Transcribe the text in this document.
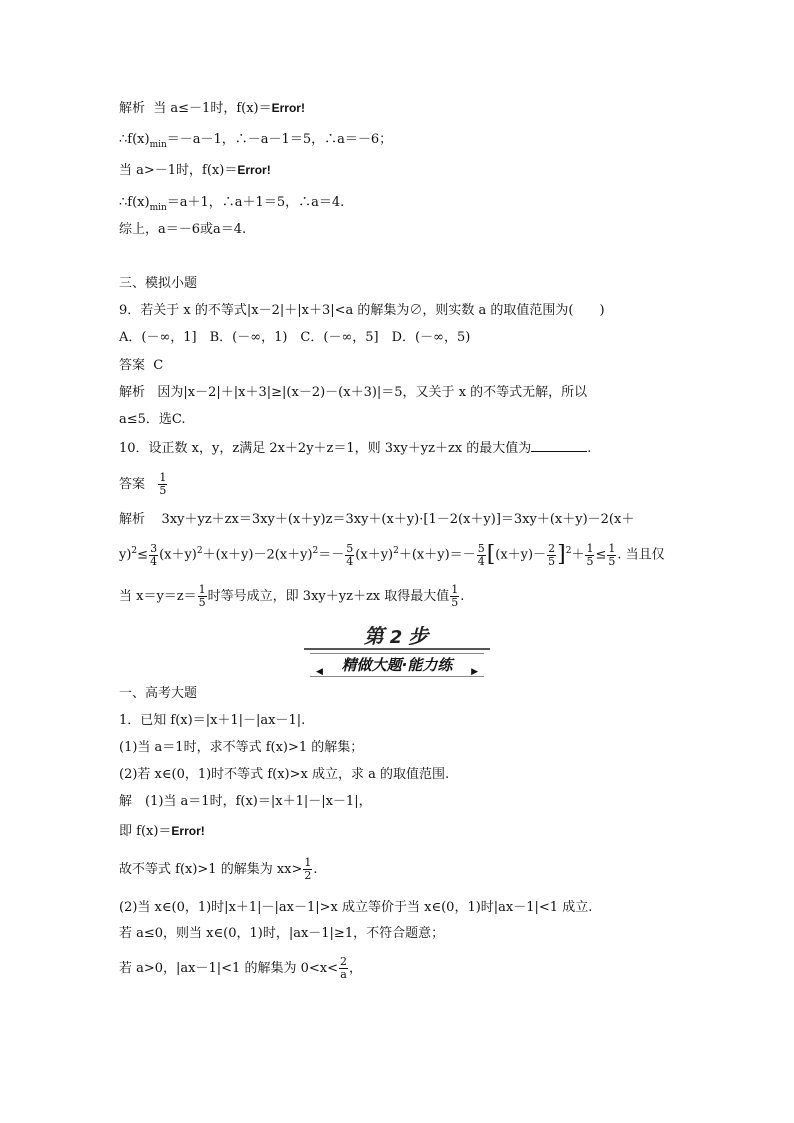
解析 当 a≤－1时，f(x)＝Error!
$\therefore f(x)_{min}=-a-1$，∴－a－1＝5，∴a＝－6；
当 a>－1时，f(x)＝Error!
$\therefore f(x)_{min}=a+1$，∴a＋1＝5，∴a＝4.
综上，a＝－6或a＝4.
三、模拟小题
9．若关于 x 的不等式|x－2|＋|x＋3|<a 的解集为∅，则实数 a 的取值范围为(　　)
A．(－∞，1]　B．(－∞，1)　C．(－∞，5]　D．(－∞，5)
答案 C
解析 因为|x－2|＋|x＋3|≥|(x－2)－(x＋3)|＝5，又关于 x 的不等式无解，所以
a≤5．选C.
10．设正数 x，y，z满足 2x＋2y＋z＝1，则 3xy＋yz＋zx 的最大值为	.
答案 $\frac{1}{5}$
解析 3xy＋yz＋zx＝3xy＋(x＋y)z＝3xy＋(x＋y)·[1－2(x＋y)]＝3xy＋(x＋y)－2(x＋
$y)^2\le \frac{3}{4} (x+y)^2+(x+y)-2(x+y)^2=- \frac{5}{4} (x+y)^2+(x+y)=- \frac{5}{4} [(x+y)- \frac{2}{5} ]^2+ \frac{1}{5} \le \frac{1}{5}$ . 当且仅
当 $x=y=z= \frac{1}{5}$ 时等号成立，即 3xy＋yz＋zx 取得最大值 $\frac{1}{5}$ .
第 2 步
◀ 精做大题·能力练 ▶
一、高考大题
1．已知 f(x)＝|x＋1|－|ax－1|.
(1)当 a＝1时，求不等式 f(x)>1 的解集；
(2)若 x∈(0，1)时不等式 f(x)>x 成立，求 a 的取值范围.
解　(1)当 a＝1时，f(x)＝|x＋1|－|x－1|，
即 f(x)＝Error!
故不等式 f(x)>1 的解集为 $xx> \frac{1}{2}$ .
(2)当 x∈(0，1)时|x＋1|－|ax－1|>x 成立等价于当 x∈(0，1)时|ax－1|<1 成立.
若 a≤0，则当 x∈(0，1)时，|ax－1|≥1，不符合题意；
若 a>0，|ax－1|<1 的解集为 $0<x< \frac{2}{a}$ ，
